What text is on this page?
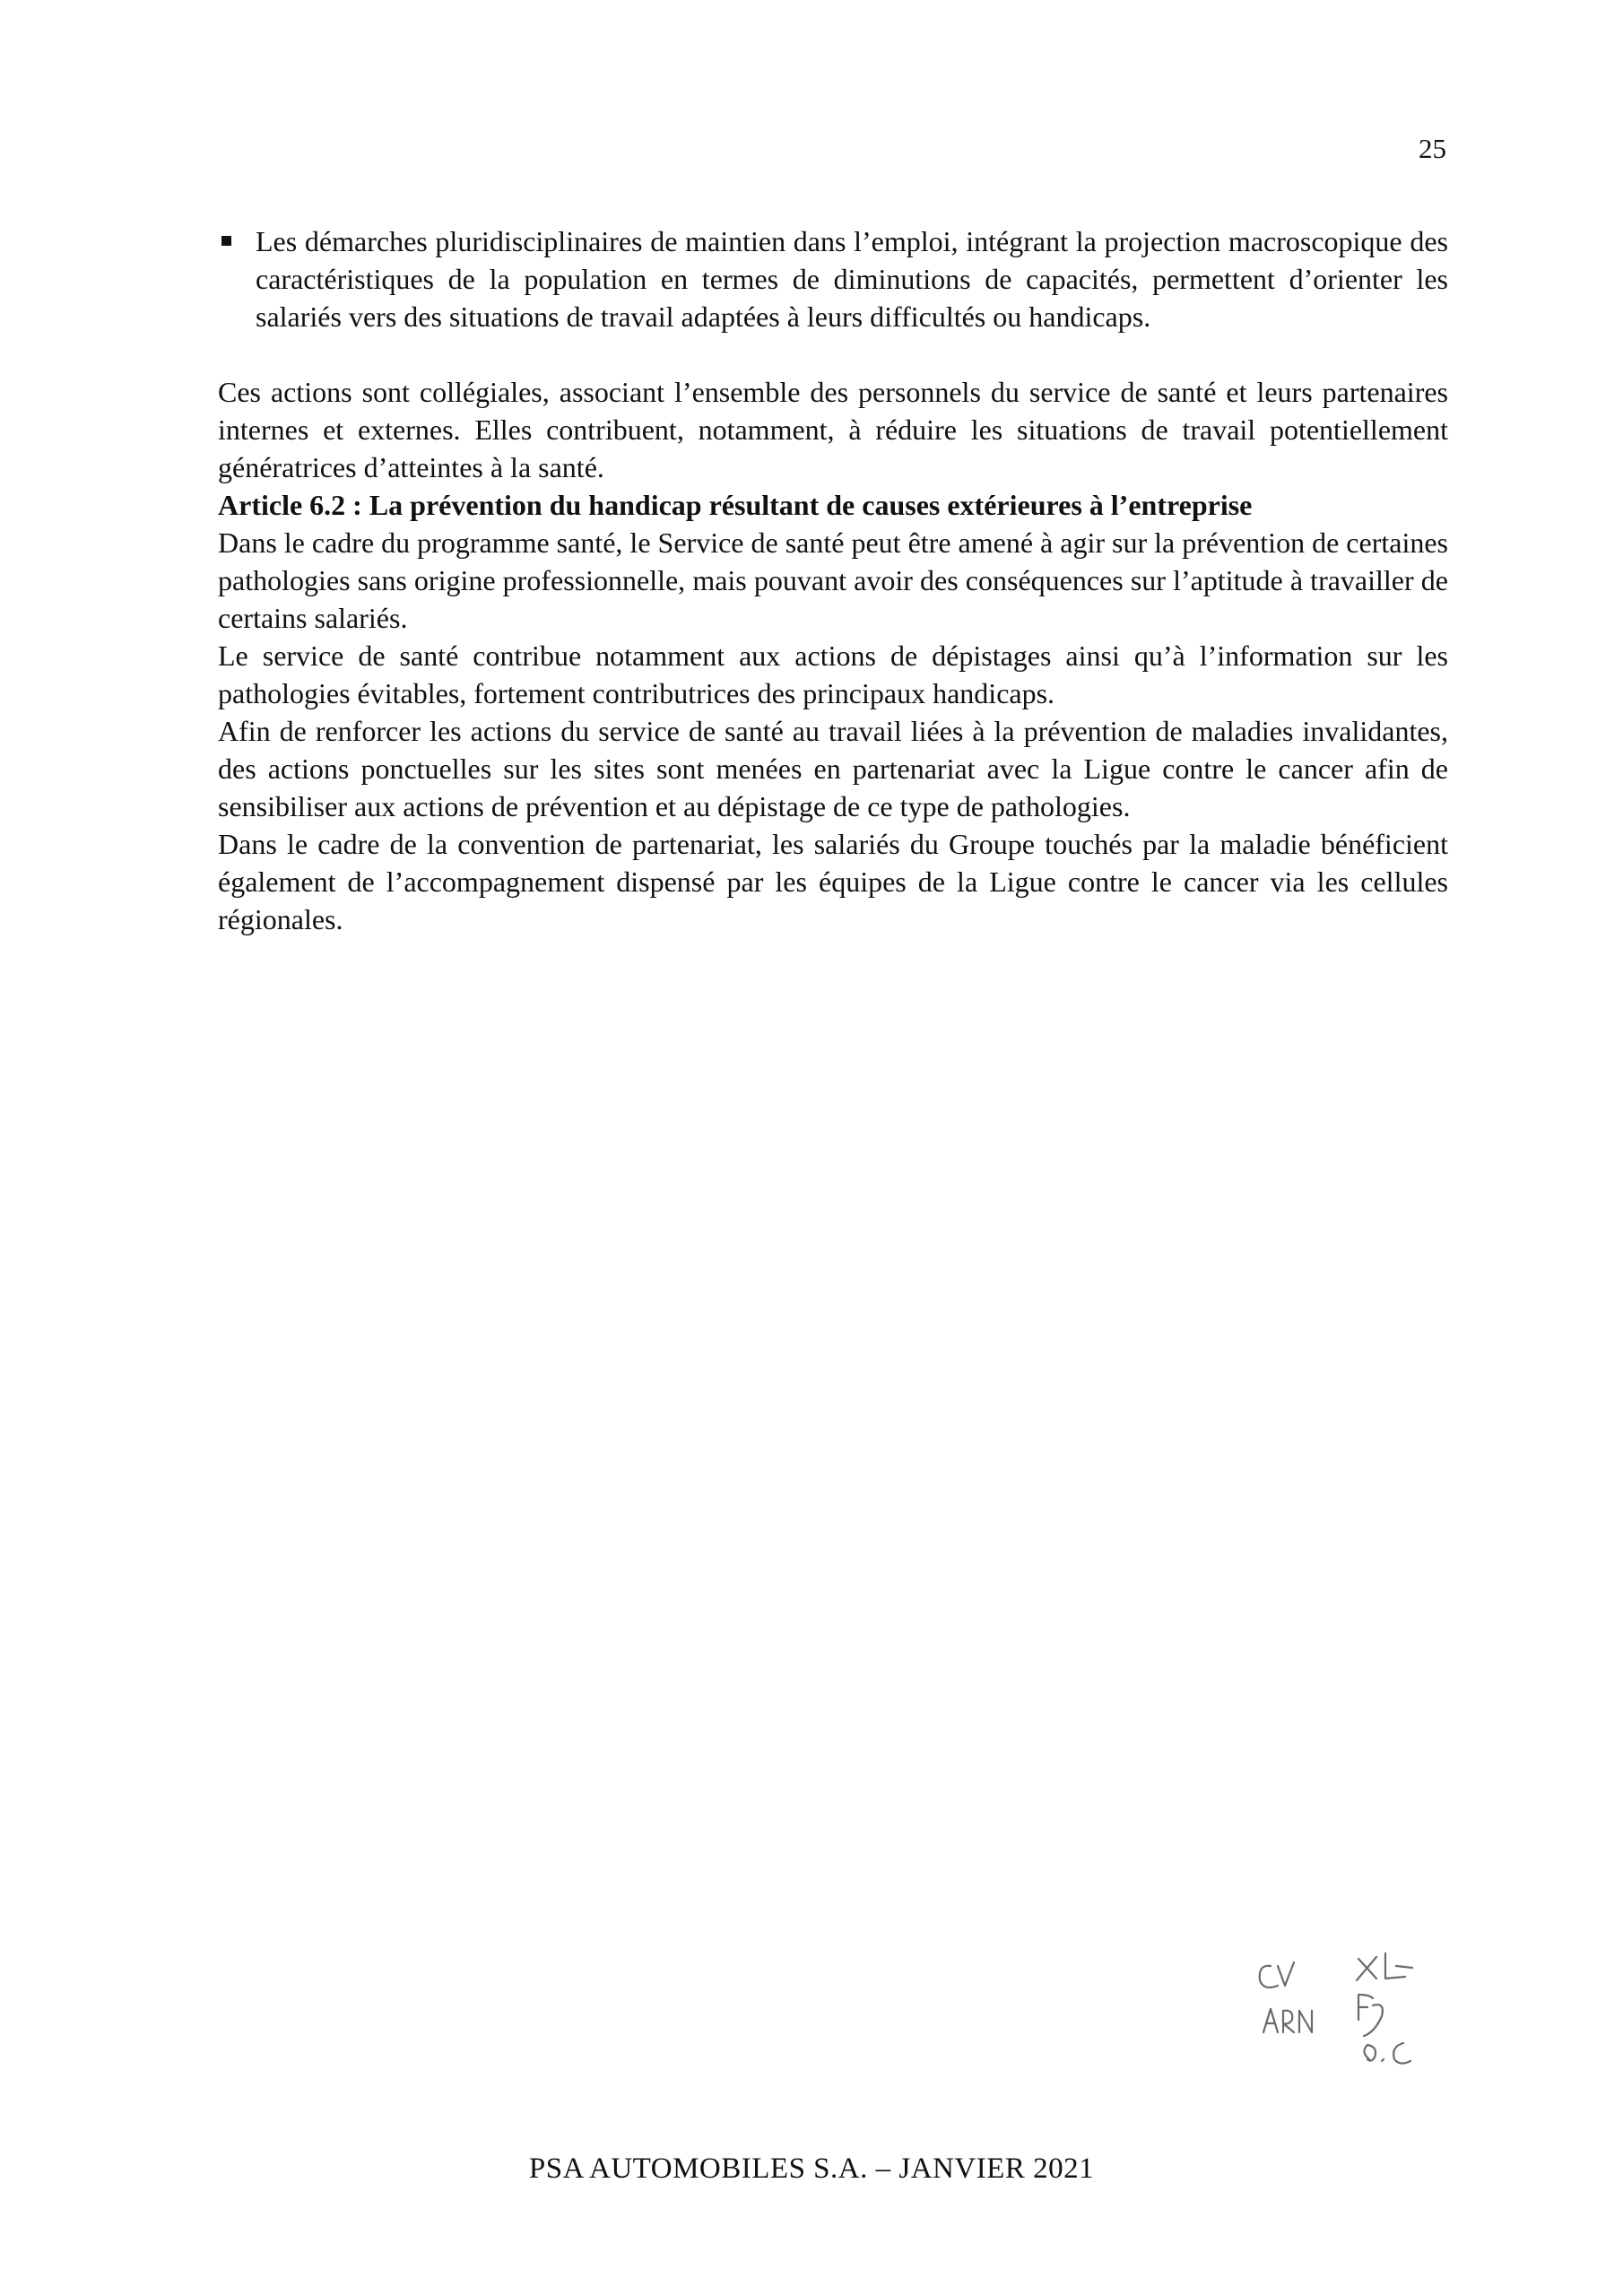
25

Les démarches pluridisciplinaires de maintien dans l’emploi, intégrant la projection macroscopique des caractéristiques de la population en termes de diminutions de capacités, permettent d’orienter les salariés vers des situations de travail adaptées à leurs difficultés ou handicaps.

Ces actions sont collégiales, associant l’ensemble des personnels du service de santé et leurs partenaires internes et externes. Elles contribuent, notamment, à réduire les situations de travail potentiellement génératrices d’atteintes à la santé.

Article 6.2 : La prévention du handicap résultant de causes extérieures à l’entreprise

Dans le cadre du programme santé, le Service de santé peut être amené à agir sur la prévention de certaines pathologies sans origine professionnelle, mais pouvant avoir des conséquences sur l’aptitude à travailler de certains salariés.

Le service de santé contribue notamment aux actions de dépistages ainsi qu’à l’information sur les pathologies évitables, fortement contributrices des principaux handicaps.

Afin de renforcer les actions du service de santé au travail liées à la prévention de maladies invalidantes, des actions ponctuelles sur les sites sont menées en partenariat avec la Ligue contre le cancer afin de sensibiliser aux actions de prévention et au dépistage de ce type de pathologies.

Dans le cadre de la convention de partenariat, les salariés du Groupe touchés par la maladie bénéficient également de l’accompagnement dispensé par les équipes de la Ligue contre le cancer via les cellules régionales.

PSA AUTOMOBILES S.A. – JANVIER 2021
